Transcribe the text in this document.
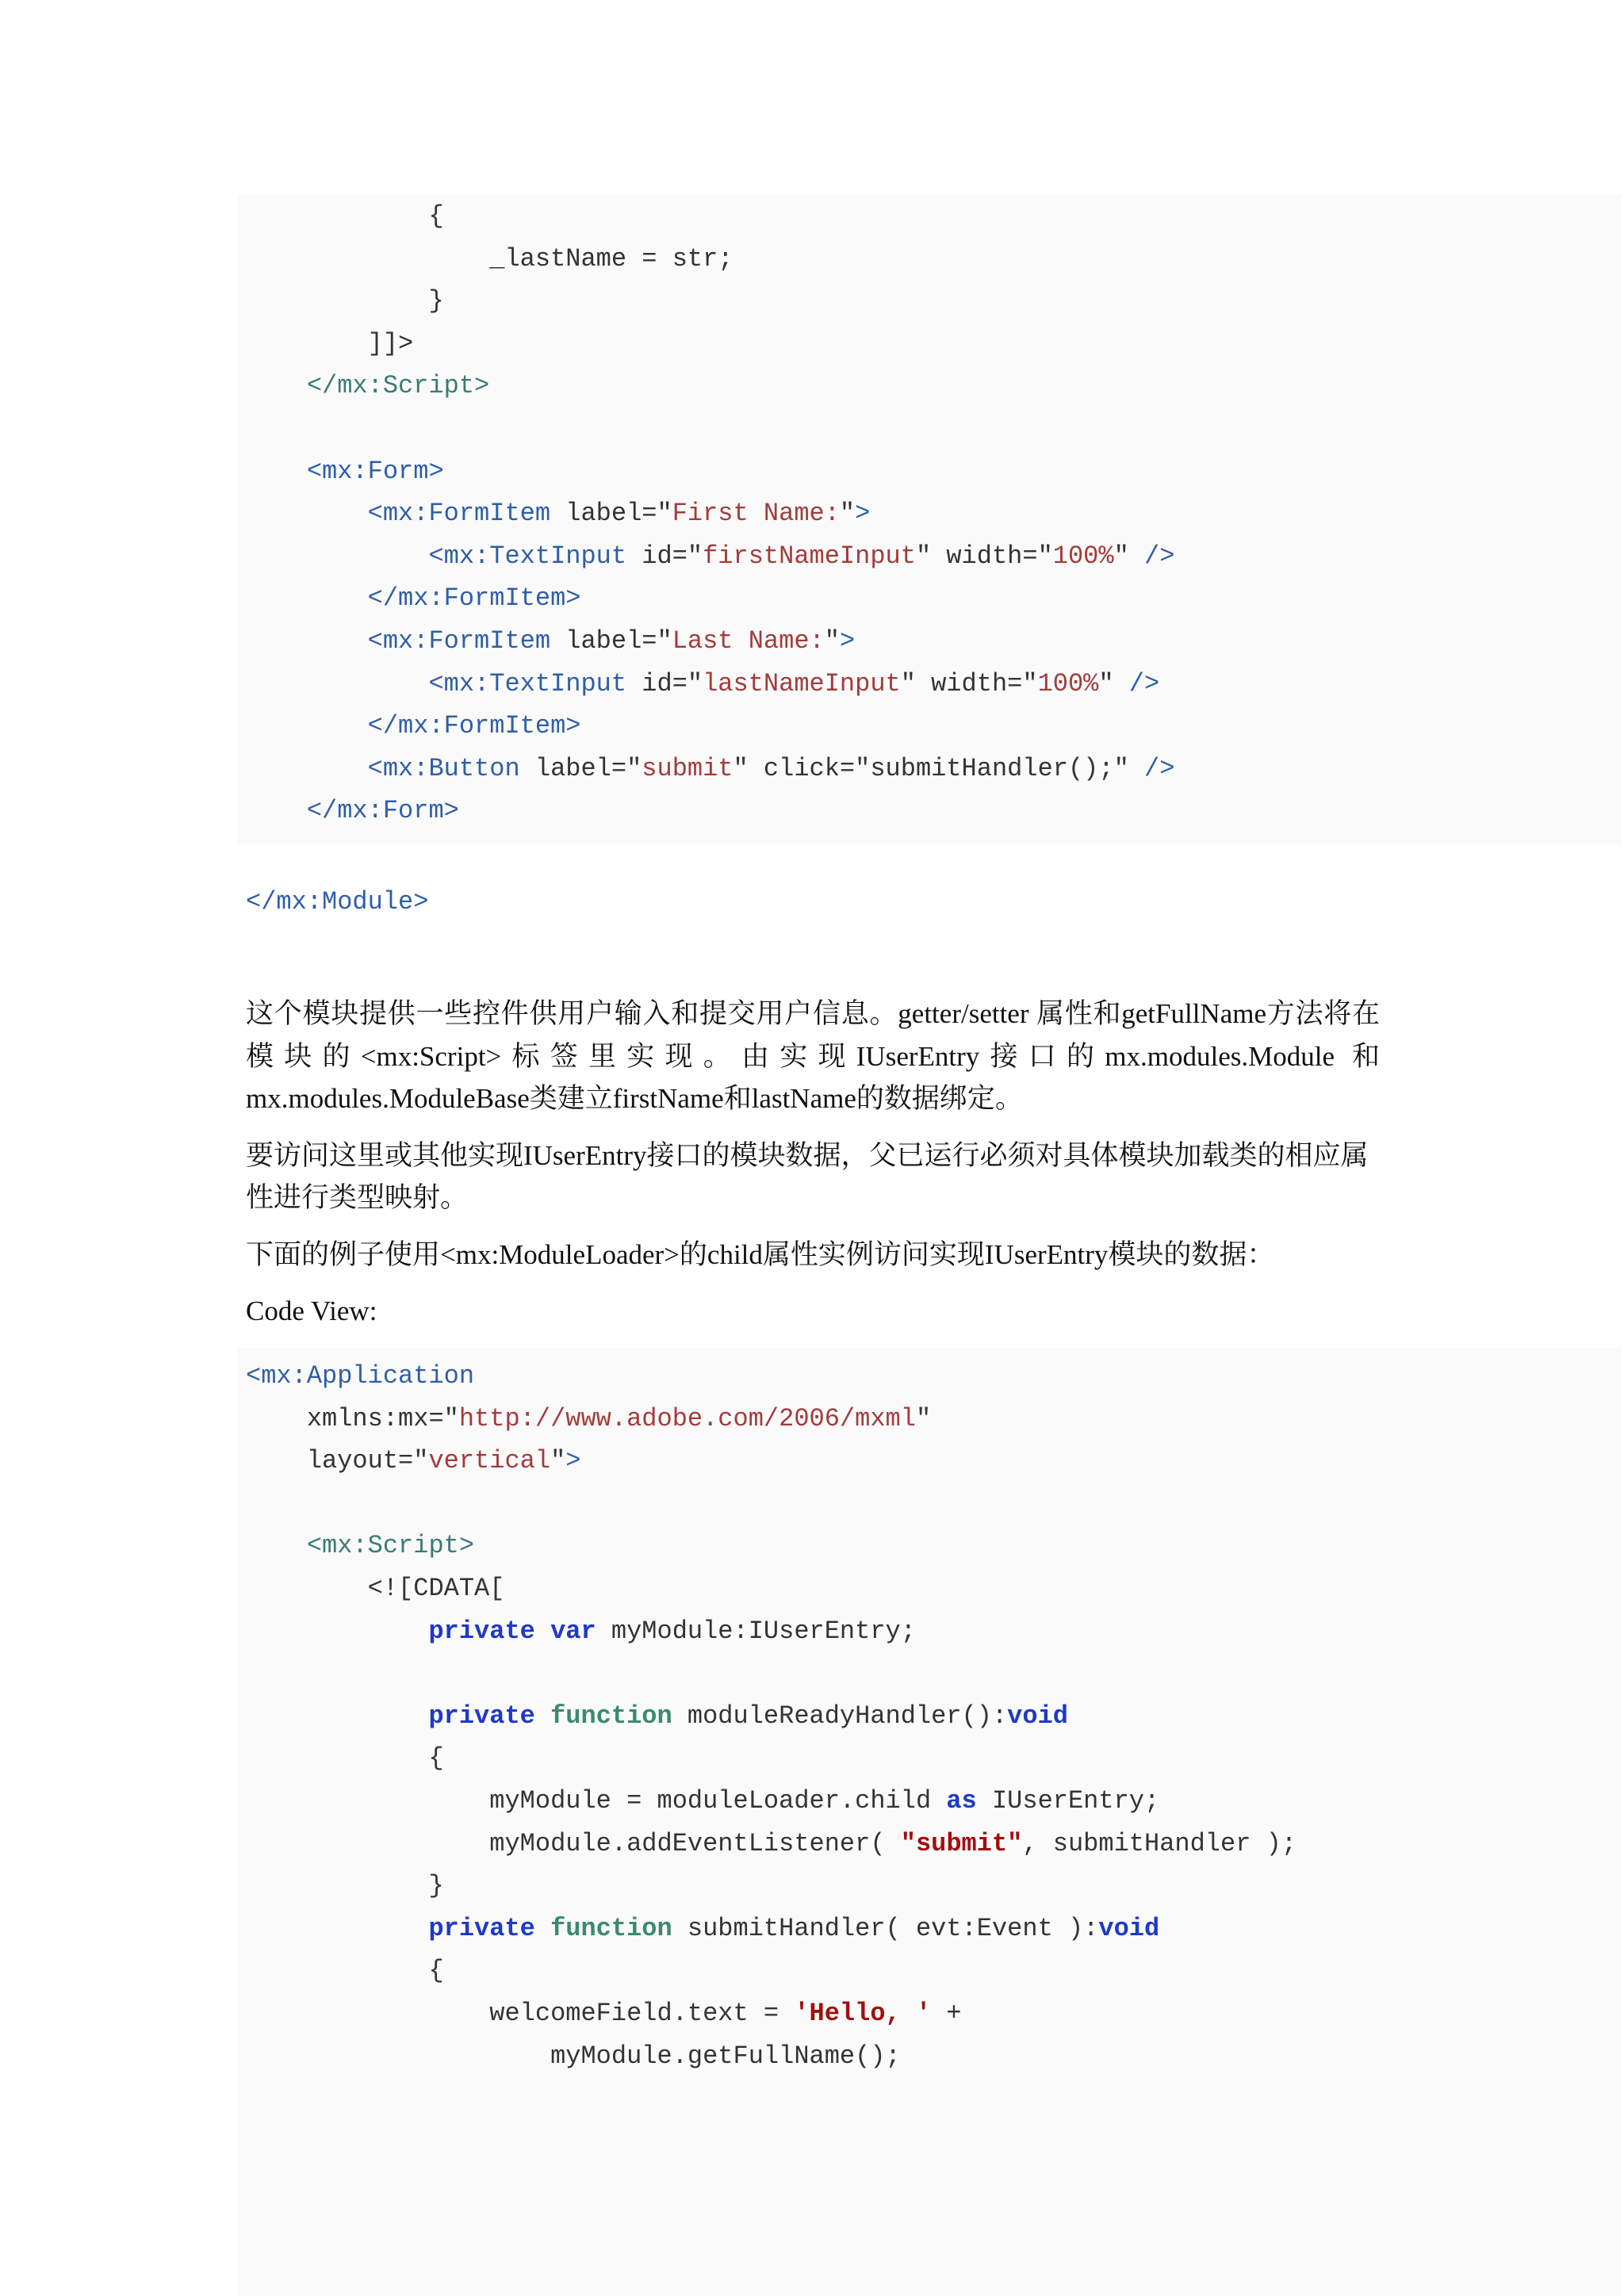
{
_lastName = str;
}
]]>
</mx:Script>
<mx:Form>
<mx:FormItem label="First Name:">
<mx:TextInput id="firstNameInput" width="100%" />
</mx:FormItem>
<mx:FormItem label="Last Name:">
<mx:TextInput id="lastNameInput" width="100%" />
</mx:FormItem>
<mx:Button label="submit" click="submitHandler();" />
</mx:Form>
</mx:Module>

这个模块提供一些控件供用户输入和提交用户信息。getter/setter 属性和getFullName方法将在模块的<mx:Script>标签里实现。由实现IUserEntry接口的mx.modules.Module 和mx.modules.ModuleBase类建立firstName和lastName的数据绑定。

要访问这里或其他实现IUserEntry接口的模块数据，父已运行必须对具体模块加载类的相应属性进行类型映射。

下面的例子使用<mx:ModuleLoader>的child属性实例访问实现IUserEntry模块的数据：

Code View:

<mx:Application
xmlns:mx="http://www.adobe.com/2006/mxml"
layout="vertical">
<mx:Script>
<![CDATA[
private var myModule:IUserEntry;
private function moduleReadyHandler():void
{
myModule = moduleLoader.child as IUserEntry;
myModule.addEventListener( "submit", submitHandler );
}
private function submitHandler( evt:Event ):void
{
welcomeField.text = 'Hello, ' +
myModule.getFullName();
